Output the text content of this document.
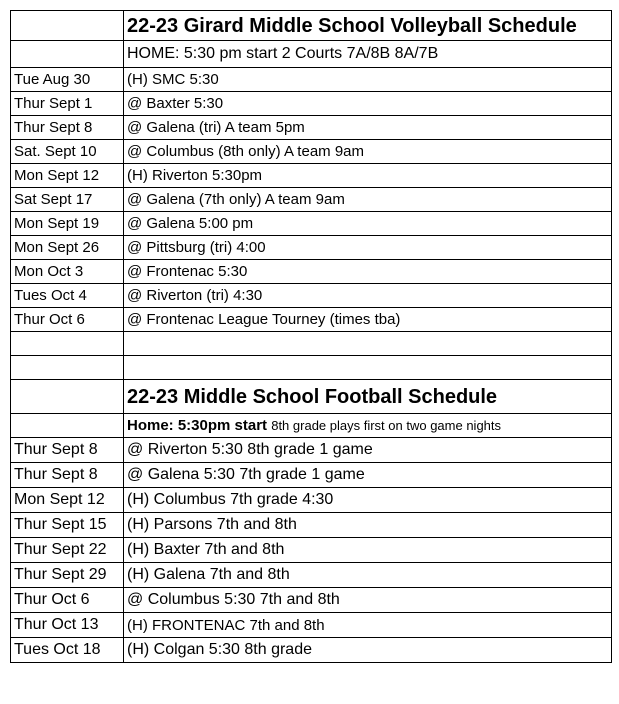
	22-23 Girard Middle School Volleyball Schedule
	HOME: 5:30 pm start 2 Courts 7A/8B 8A/7B
Tue Aug 30	(H) SMC 5:30
Thur Sept 1	@ Baxter 5:30
Thur Sept 8	@ Galena (tri) A team 5pm
Sat. Sept 10	@ Columbus (8th only) A team 9am
Mon Sept 12	(H) Riverton 5:30pm
Sat Sept 17	@ Galena (7th only) A team 9am
Mon Sept 19	@ Galena 5:00 pm
Mon Sept 26	@ Pittsburg (tri) 4:00
Mon Oct 3	@ Frontenac 5:30
Tues Oct 4	@ Riverton (tri) 4:30
Thur Oct 6	@ Frontenac League Tourney (times tba)

	22-23 Middle School Football Schedule
	Home: 5:30pm start 8th grade plays first on two game nights
Thur Sept 8	@ Riverton 5:30 8th grade 1 game
Thur Sept 8	@ Galena 5:30 7th grade 1 game
Mon Sept 12	(H) Columbus 7th grade 4:30
Thur Sept 15	(H) Parsons 7th and 8th
Thur Sept 22	(H) Baxter 7th and 8th
Thur Sept 29	(H) Galena 7th and 8th
Thur Oct 6	@ Columbus 5:30 7th and 8th
Thur Oct 13	(H) FRONTENAC 7th and 8th
Tues Oct 18	(H) Colgan 5:30 8th grade
